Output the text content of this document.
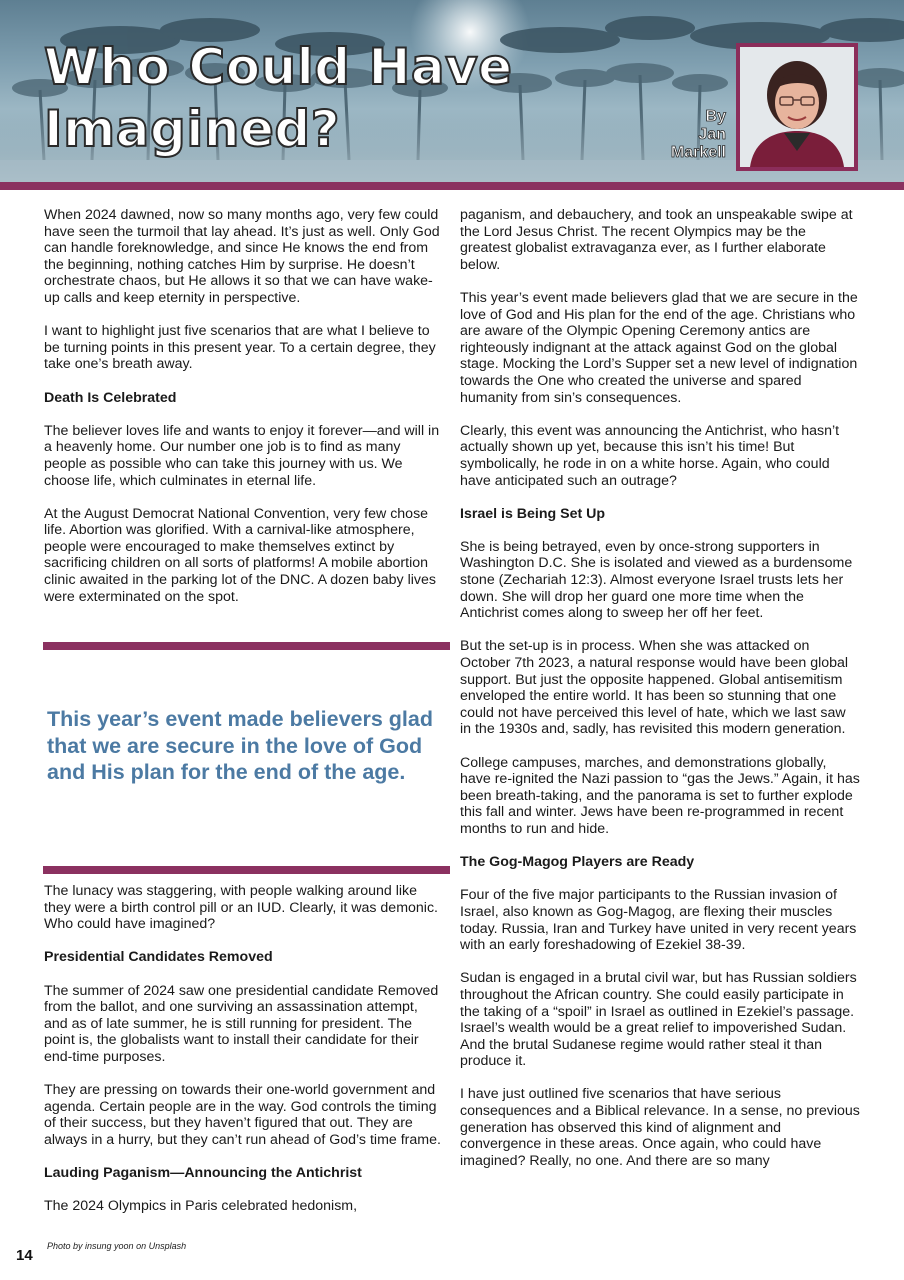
Who Could Have
Imagined?	By
Jan
Markell

When 2024 dawned, now so many months ago, very few could have seen the turmoil that lay ahead. It’s just as well. Only God can handle foreknowledge, and since He knows the end from the beginning, nothing catches Him by surprise. He doesn’t orchestrate chaos, but He allows it so that we can have wake-up calls and keep eternity in perspective.

I want to highlight just five scenarios that are what I believe to be turning points in this present year. To a certain degree, they take one’s breath away.

Death Is Celebrated

The believer loves life and wants to enjoy it forever—and will in a heavenly home. Our number one job is to find as many people as possible who can take this journey with us. We choose life, which culminates in eternal life.

At the August Democrat National Convention, very few chose life. Abortion was glorified. With a carnival-like atmosphere, people were encouraged to make themselves extinct by sacrificing children on all sorts of platforms! A mobile abortion clinic awaited in the parking lot of the DNC. A dozen baby lives were exterminated on the spot.

This year’s event made believers glad that we are secure in the love of God and His plan for the end of the age.

The lunacy was staggering, with people walking around like they were a birth control pill or an IUD. Clearly, it was demonic. Who could have imagined?

Presidential Candidates Removed

The summer of 2024 saw one presidential candidate Removed from the ballot, and one surviving an assassination attempt, and as of late summer, he is still running for president. The point is, the globalists want to install their candidate for their end-time purposes.

They are pressing on towards their one-world government and agenda. Certain people are in the way. God controls the timing of their success, but they haven’t figured that out. They are always in a hurry, but they can’t run ahead of God’s time frame.

Lauding Paganism—Announcing the Antichrist

The 2024 Olympics in Paris celebrated hedonism,

paganism, and debauchery, and took an unspeakable swipe at the Lord Jesus Christ. The recent Olympics may be the greatest globalist extravaganza ever, as I further elaborate below.

This year’s event made believers glad that we are secure in the love of God and His plan for the end of the age. Christians who are aware of the Olympic Opening Ceremony antics are righteously indignant at the attack against God on the global stage. Mocking the Lord’s Supper set a new level of indignation towards the One who created the universe and spared humanity from sin’s consequences.

Clearly, this event was announcing the Antichrist, who hasn’t actually shown up yet, because this isn’t his time! But symbolically, he rode in on a white horse. Again, who could have anticipated such an outrage?

Israel is Being Set Up

She is being betrayed, even by once-strong supporters in Washington D.C. She is isolated and viewed as a burdensome stone (Zechariah 12:3). Almost everyone Israel trusts lets her down. She will drop her guard one more time when the Antichrist comes along to sweep her off her feet.

But the set-up is in process. When she was attacked on October 7th 2023, a natural response would have been global support. But just the opposite happened. Global antisemitism enveloped the entire world. It has been so stunning that one could not have perceived this level of hate, which we last saw in the 1930s and, sadly, has revisited this modern generation.

College campuses, marches, and demonstrations globally, have re-ignited the Nazi passion to “gas the Jews.” Again, it has been breath-taking, and the panorama is set to further explode this fall and winter. Jews have been re-programmed in recent months to run and hide.

The Gog-Magog Players are Ready

Four of the five major participants to the Russian invasion of Israel, also known as Gog-Magog, are flexing their muscles today. Russia, Iran and Turkey have united in very recent years with an early foreshadowing of Ezekiel 38-39.

Sudan is engaged in a brutal civil war, but has Russian soldiers throughout the African country. She could easily participate in the taking of a “spoil” in Israel as outlined in Ezekiel’s passage. Israel’s wealth would be a great relief to impoverished Sudan. And the brutal Sudanese regime would rather steal it than produce it.

I have just outlined five scenarios that have serious consequences and a Biblical relevance. In a sense, no previous generation has observed this kind of alignment and convergence in these areas. Once again, who could have imagined? Really, no one. And there are so many

14
Photo by insung yoon on Unsplash
